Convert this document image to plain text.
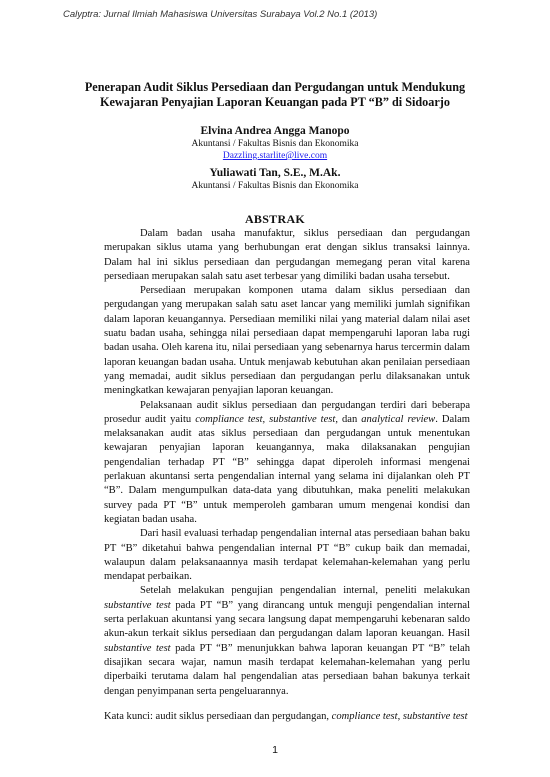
Calyptra: Jurnal Ilmiah Mahasiswa Universitas Surabaya Vol.2 No.1 (2013)
Penerapan Audit Siklus Persediaan dan Pergudangan untuk Mendukung
Kewajaran Penyajian Laporan Keuangan pada PT “B” di Sidoarjo
Elvina Andrea Angga Manopo
Akuntansi / Fakultas Bisnis dan Ekonomika
Dazzling.starlite@live.com
Yuliawati Tan, S.E., M.Ak.
Akuntansi / Fakultas Bisnis dan Ekonomika
ABSTRAK

Dalam badan usaha manufaktur, siklus persediaan dan pergudangan merupakan siklus utama yang berhubungan erat dengan siklus transaksi lainnya. Dalam hal ini siklus persediaan dan pergudangan memegang peran vital karena persediaan merupakan salah satu aset terbesar yang dimiliki badan usaha tersebut.

Persediaan merupakan komponen utama dalam siklus persediaan dan pergudangan yang merupakan salah satu aset lancar yang memiliki jumlah signifikan dalam laporan keuangannya. Persediaan memiliki nilai yang material dalam nilai aset suatu badan usaha, sehingga nilai persediaan dapat mempengaruhi laporan laba rugi badan usaha. Oleh karena itu, nilai persediaan yang sebenarnya harus tercermin dalam laporan keuangan badan usaha. Untuk menjawab kebutuhan akan penilaian persediaan yang memadai, audit siklus persediaan dan pergudangan perlu dilaksanakan untuk meningkatkan kewajaran penyajian laporan keuangan.

Pelaksanaan audit siklus persediaan dan pergudangan terdiri dari beberapa prosedur audit yaitu compliance test, substantive test, dan analytical review. Dalam melaksanakan audit atas siklus persediaan dan pergudangan untuk menentukan kewajaran penyajian laporan keuangannya, maka dilaksanakan pengujian pengendalian terhadap PT “B” sehingga dapat diperoleh informasi mengenai perlakuan akuntansi serta pengendalian internal yang selama ini dijalankan oleh PT “B”. Dalam mengumpulkan data-data yang dibutuhkan, maka peneliti melakukan survey pada PT “B” untuk memperoleh gambaran umum mengenai kondisi dan kegiatan badan usaha.

Dari hasil evaluasi terhadap pengendalian internal atas persediaan bahan baku PT “B” diketahui bahwa pengendalian internal PT “B” cukup baik dan memadai, walaupun dalam pelaksanaannya masih terdapat kelemahan-kelemahan yang perlu mendapat perbaikan.

Setelah melakukan pengujian pengendalian internal, peneliti melakukan substantive test pada PT “B” yang dirancang untuk menguji pengendalian internal serta perlakuan akuntansi yang secara langsung dapat mempengaruhi kebenaran saldo akun-akun terkait siklus persediaan dan pergudangan dalam laporan keuangan. Hasil substantive test pada PT “B” menunjukkan bahwa laporan keuangan PT “B” telah disajikan secara wajar, namun masih terdapat kelemahan-kelemahan yang perlu diperbaiki terutama dalam hal pengendalian atas persediaan bahan bakunya terkait dengan penyimpanan serta pengeluarannya.

Kata kunci: audit siklus persediaan dan pergudangan, compliance test, substantive test

1
